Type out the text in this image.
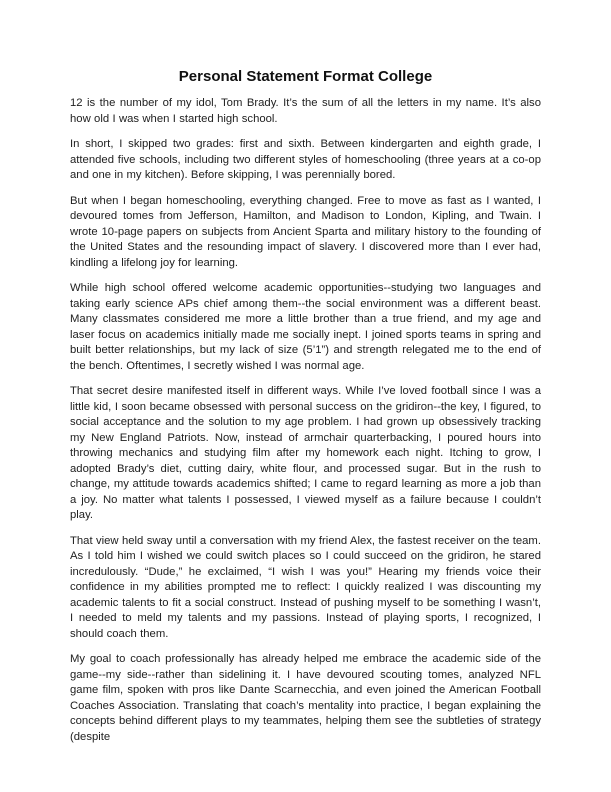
Personal Statement Format College

12 is the number of my idol, Tom Brady. It’s the sum of all the letters in my name. It’s also how old I was when I started high school.

In short, I skipped two grades: first and sixth. Between kindergarten and eighth grade, I attended five schools, including two different styles of homeschooling (three years at a co-op and one in my kitchen). Before skipping, I was perennially bored.

But when I began homeschooling, everything changed. Free to move as fast as I wanted, I devoured tomes from Jefferson, Hamilton, and Madison to London, Kipling, and Twain. I wrote 10-page papers on subjects from Ancient Sparta and military history to the founding of the United States and the resounding impact of slavery. I discovered more than I ever had, kindling a lifelong joy for learning.

While high school offered welcome academic opportunities--studying two languages and taking early science APs chief among them--the social environment was a different beast. Many classmates considered me more a little brother than a true friend, and my age and laser focus on academics initially made me socially inept. I joined sports teams in spring and built better relationships, but my lack of size (5’1”) and strength relegated me to the end of the bench. Oftentimes, I secretly wished I was normal age.

That secret desire manifested itself in different ways. While I’ve loved football since I was a little kid, I soon became obsessed with personal success on the gridiron--the key, I figured, to social acceptance and the solution to my age problem. I had grown up obsessively tracking my New England Patriots. Now, instead of armchair quarterbacking, I poured hours into throwing mechanics and studying film after my homework each night. Itching to grow, I adopted Brady’s diet, cutting dairy, white flour, and processed sugar. But in the rush to change, my attitude towards academics shifted; I came to regard learning as more a job than a joy. No matter what talents I possessed, I viewed myself as a failure because I couldn’t play.

That view held sway until a conversation with my friend Alex, the fastest receiver on the team. As I told him I wished we could switch places so I could succeed on the gridiron, he stared incredulously. “Dude,” he exclaimed, “I wish I was you!” Hearing my friends voice their confidence in my abilities prompted me to reflect: I quickly realized I was discounting my academic talents to fit a social construct. Instead of pushing myself to be something I wasn’t, I needed to meld my talents and my passions. Instead of playing sports, I recognized, I should coach them.

My goal to coach professionally has already helped me embrace the academic side of the game--my side--rather than sidelining it. I have devoured scouting tomes, analyzed NFL game film, spoken with pros like Dante Scarnecchia, and even joined the American Football Coaches Association. Translating that coach’s mentality into practice, I began explaining the concepts behind different plays to my teammates, helping them see the subtleties of strategy (despite
